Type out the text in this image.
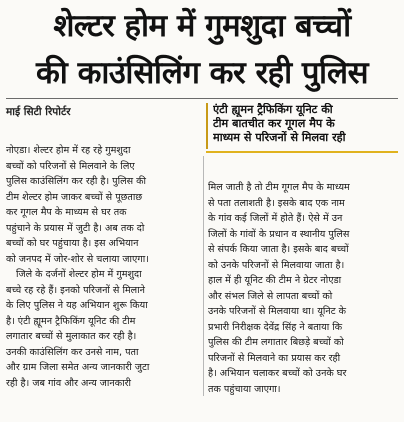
शेल्टर होम में गुमशुदा बच्चों
की काउंसिलिंग कर रही पुलिस
माई सिटी रिपोर्टर	एंटी ह्यूमन ट्रैफिकिंग यूनिट की
टीम बातचीत कर गूगल मैप के
माध्यम से परिजनों से मिलवा रही
नोएडा। शेल्टर होम में रह रहे गुमशुदा
बच्चों को परिजनों से मिलवाने के लिए
पुलिस काउंसिलिंग कर रही है। पुलिस की
टीम शेल्टर होम जाकर बच्चों से पूछताछ
कर गूगल मैप के माध्यम से घर तक
पहुंचाने के प्रयास में जुटी है। अब तक दो
बच्चों को घर पहुंचाया है। इस अभियान
को जनपद में जोर-शोर से चलाया जाएगा।
जिले के दर्जनों शेल्टर होम में गुमशुदा
बच्चे रह रहे हैं। इनको परिजनों से मिलाने
के लिए पुलिस ने यह अभियान शुरू किया
है। एंटी ह्यूमन ट्रैफिकिंग यूनिट की टीम
लगातार बच्चों से मुलाकात कर रही है।
उनकी काउंसिलिंग कर उनसे नाम, पता
और ग्राम जिला समेत अन्य जानकारी जुटा
रही है। जब गांव और अन्य जानकारी
मिल जाती है तो टीम गूगल मैप के माध्यम
से पता तलाशती है। इसके बाद एक नाम
के गांव कई जिलों में होते हैं। ऐसे में उन
जिलों के गांवों के प्रधान व स्थानीय पुलिस
से संपर्क किया जाता है। इसके बाद बच्चों
को उनके परिजनों से मिलवाया जाता है।
हाल में ही यूनिट की टीम ने ग्रेटर नोएडा
और संभल जिले से लापता बच्चों को
उनके परिजनों से मिलवाया था। यूनिट के
प्रभारी निरीक्षक देवेंद्र सिंह ने बताया कि
पुलिस की टीम लगातार बिछड़े बच्चों को
परिजनों से मिलवाने का प्रयास कर रही
है। अभियान चलाकर बच्चों को उनके घर
तक पहुंचाया जाएगा।
